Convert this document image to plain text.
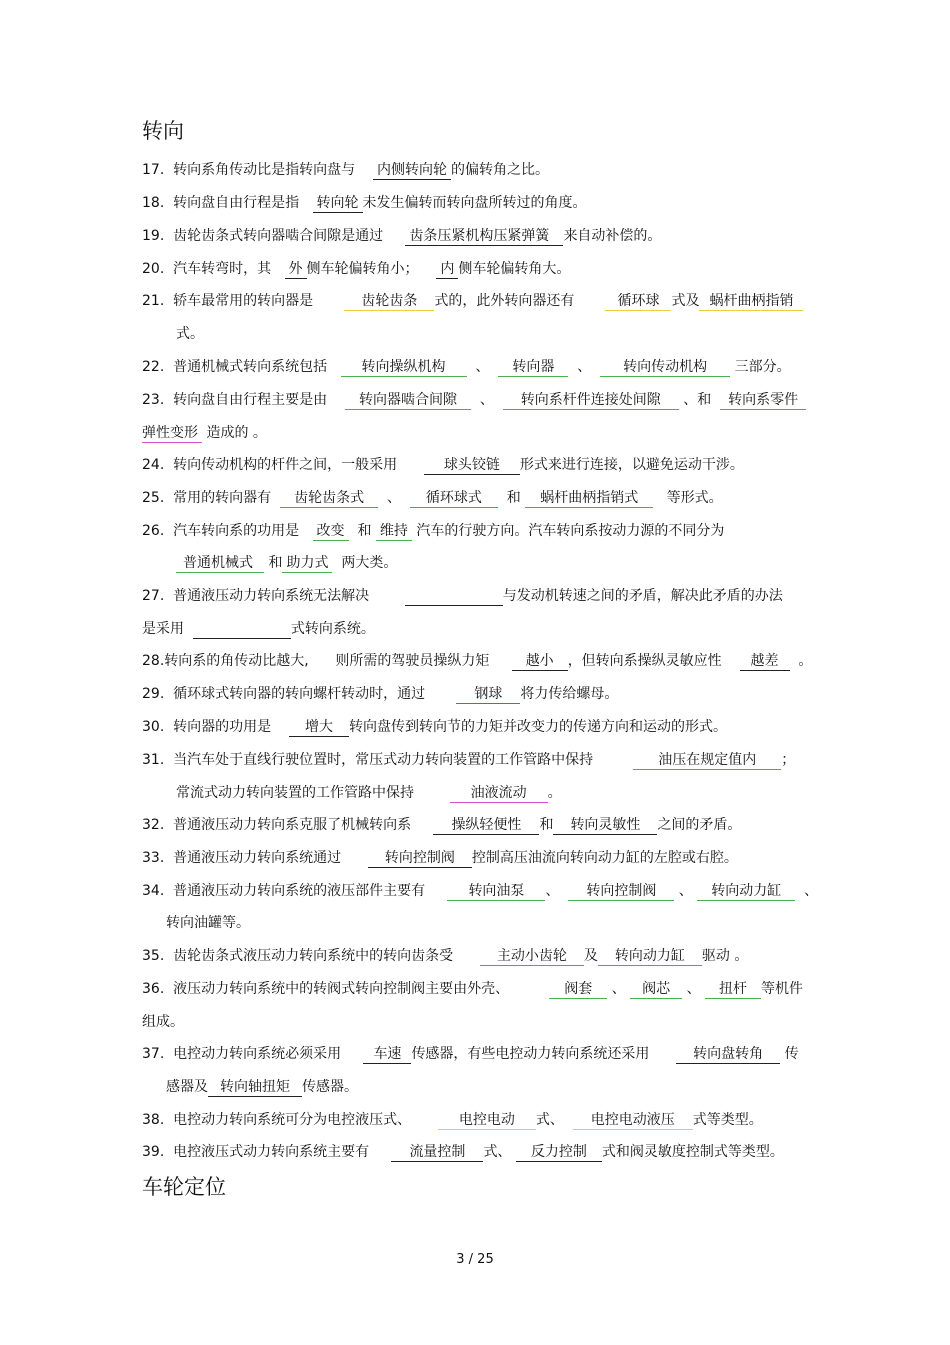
转向
17. 转向系角传动比是指转向盘与 内侧转向轮 的偏转角之比。
18. 转向盘自由行程是指 转向轮 未发生偏转而转向盘所转过的角度。
19. 齿轮齿条式转向器啮合间隙是通过 齿条压紧机构压紧弹簧 来自动补偿的。
20. 汽车转弯时，其 外 侧车轮偏转角小； 内 侧车轮偏转角大。
21. 轿车最常用的转向器是	齿轮齿条 式的，此外转向器还有	循环球 式及 蜗杆曲柄指销
式。
22. 普通机械式转向系统包括 转向操纵机构 、 转向器 、 转向传动机构 三部分。
23. 转向盘自由行程主要是由 转向器啮合间隙 、 转向系杆件连接处间隙 、和 转向系零件
弹性变形 造成的 。
24. 转向传动机构的杆件之间，一般采用	球头铰链 形式来进行连接，以避免运动干涉。
25. 常用的转向器有 齿轮齿条式 、 循环球式 和 蜗杆曲柄指销式 等形式。
26. 汽车转向系的功用是 改变 和 维持 汽车的行驶方向。汽车转向系按动力源的不同分为
普通机械式 和 助力式 两大类。
27. 普通液压动力转向系统无法解决	与发动机转速之间的矛盾，解决此矛盾的办法
是采用	式转向系统。
28.转向系的角传动比越大, 则所需的驾驶员操纵力矩	越小 ，但转向系操纵灵敏应性 越差 。
29. 循环球式转向器的转向螺杆转动时，通过	钢球 将力传给螺母。
30. 转向器的功用是 增大 转向盘传到转向节的力矩并改变力的传递方向和运动的形式。
31. 当汽车处于直线行驶位置时，常压式动力转向装置的工作管路中保持	油压在规定值内 ；
常流式动力转向装置的工作管路中保持	油液流动 。
32. 普通液压动力转向系克服了机械转向系	操纵轻便性 和 转向灵敏性 之间的矛盾。
33. 普通液压动力转向系统通过	转向控制阀 控制高压油流向转向动力缸的左腔或右腔。
34. 普通液压动力转向系统的液压部件主要有	转向油泵 、 转向控制阀 、 转向动力缸 、
转向油罐等。
35. 齿轮齿条式液压动力转向系统中的转向齿条受	主动小齿轮 及 转向动力缸 驱动 。
36. 液压动力转向系统中的转阀式转向控制阀主要由外壳、	阀套 、 阀芯 、 扭杆 等机件
组成。
37. 电控动力转向系统必须采用 车速 传感器，有些电控动力转向系统还采用	转向盘转角 传
感器及 转向轴扭矩 传感器。
38. 电控动力转向系统可分为电控液压式、	电控电动 式、 电控电动液压 式等类型。
39. 电控液压式动力转向系统主要有	流量控制 式、 反力控制 式和阀灵敏度控制式等类型。
车轮定位
3 / 25
